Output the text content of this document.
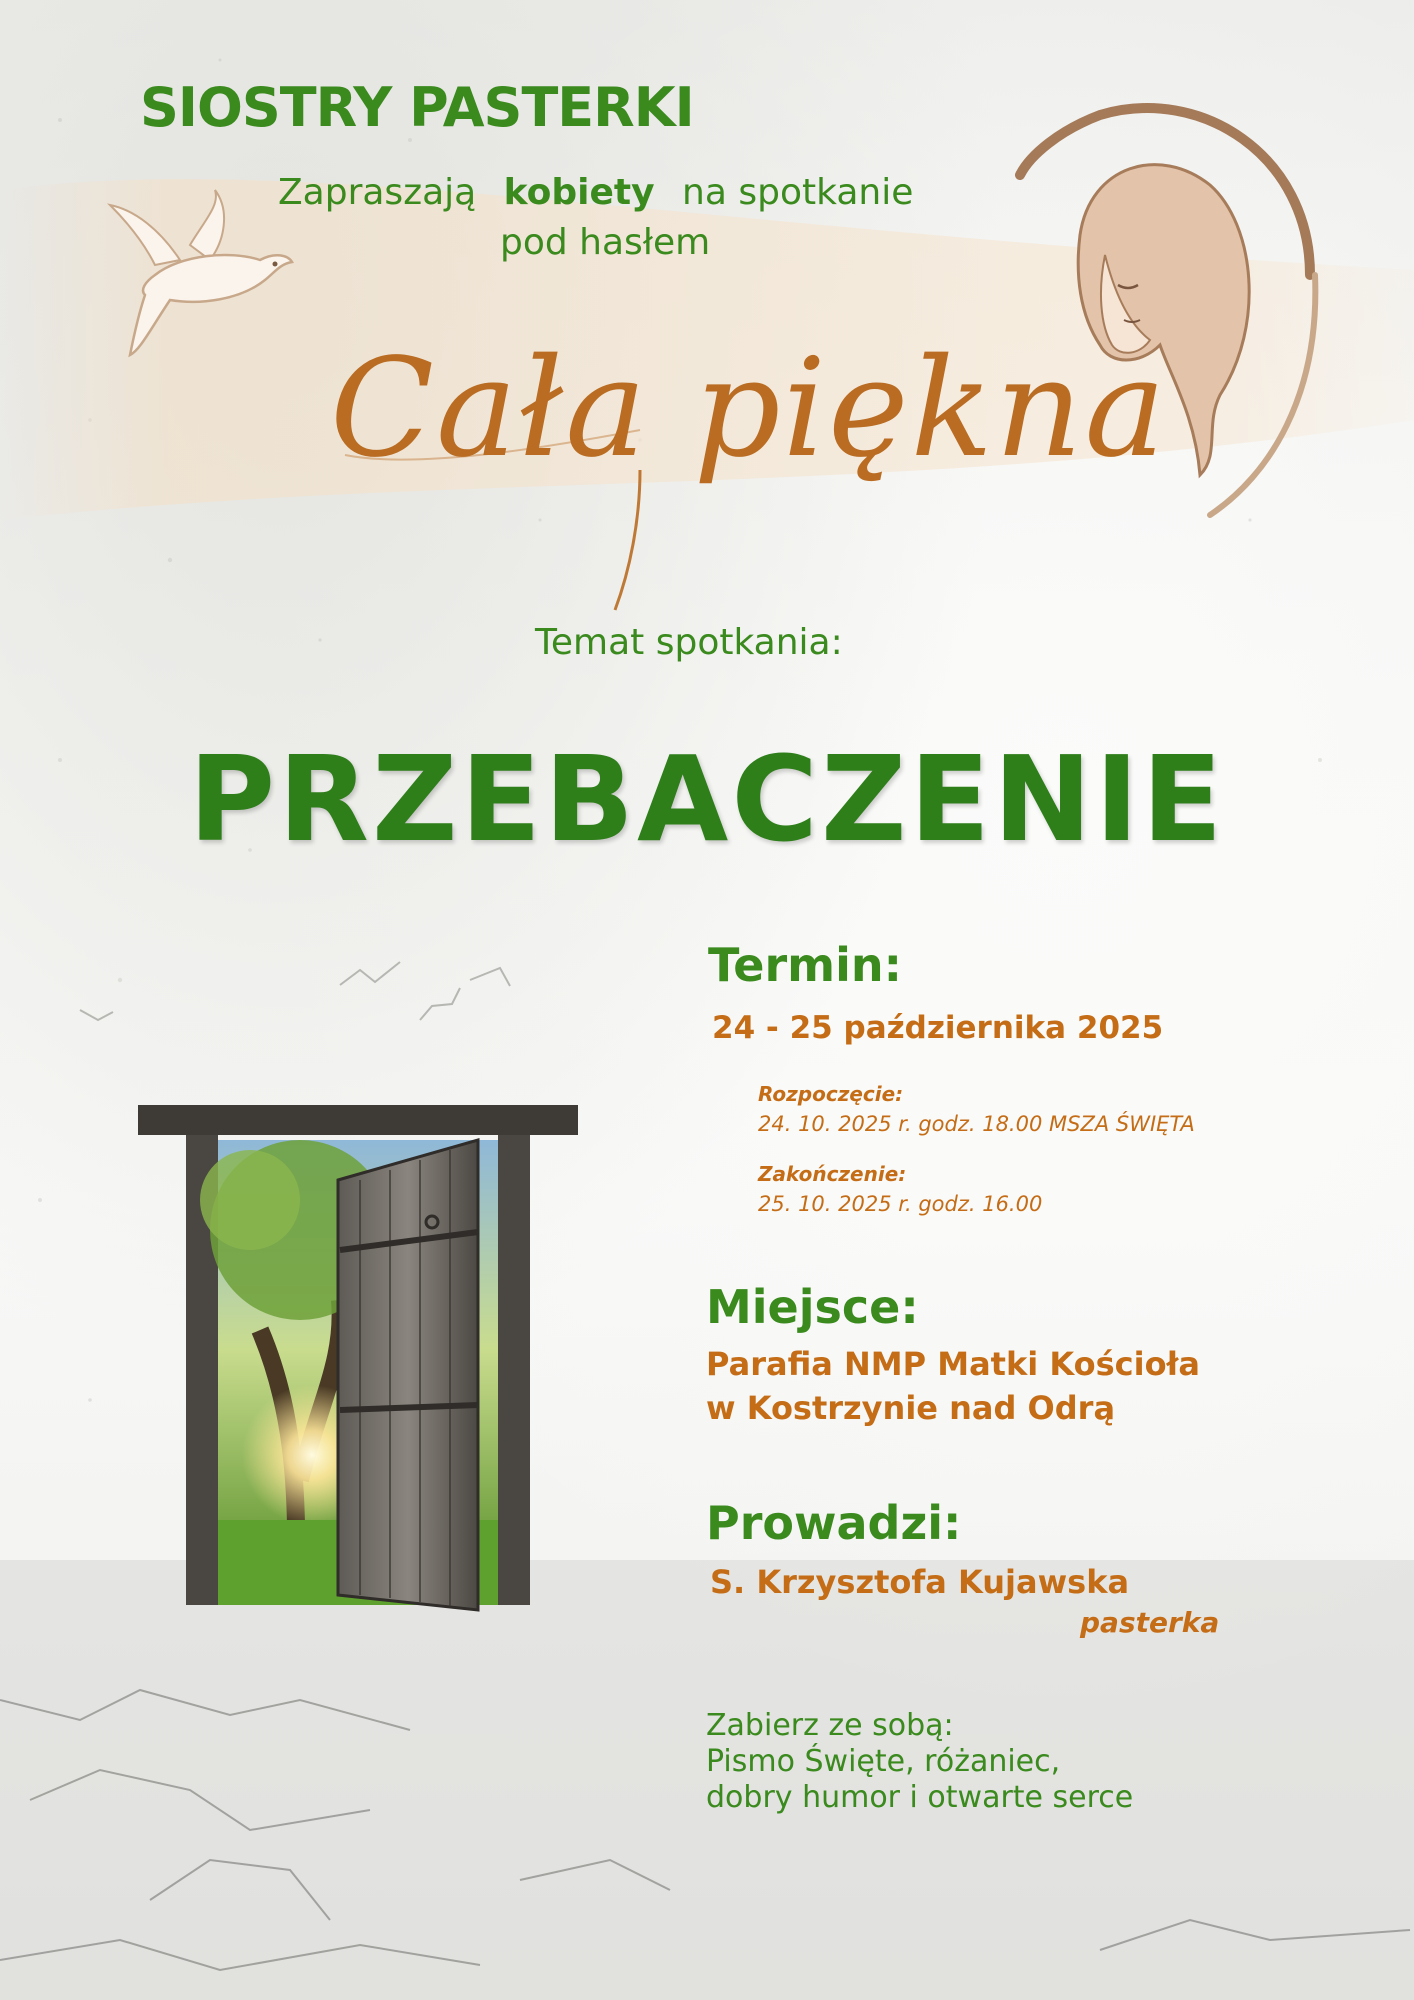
SIOSTRY PASTERKI
Zapraszają kobiety na spotkanie
pod hasłem
Cała piękna
Temat spotkania:
PRZEBACZENIE
Termin:
24 - 25 października 2025
Rozpoczęcie:
24. 10. 2025 r. godz. 18.00 MSZA ŚWIĘTA
Zakończenie:
25. 10. 2025 r. godz. 16.00
Miejsce:
Parafia NMP Matki Kościoła
w Kostrzynie nad Odrą
Prowadzi:
S. Krzysztofa Kujawska
pasterka
Zabierz ze sobą:
Pismo Święte, różaniec,
dobry humor i otwarte serce
